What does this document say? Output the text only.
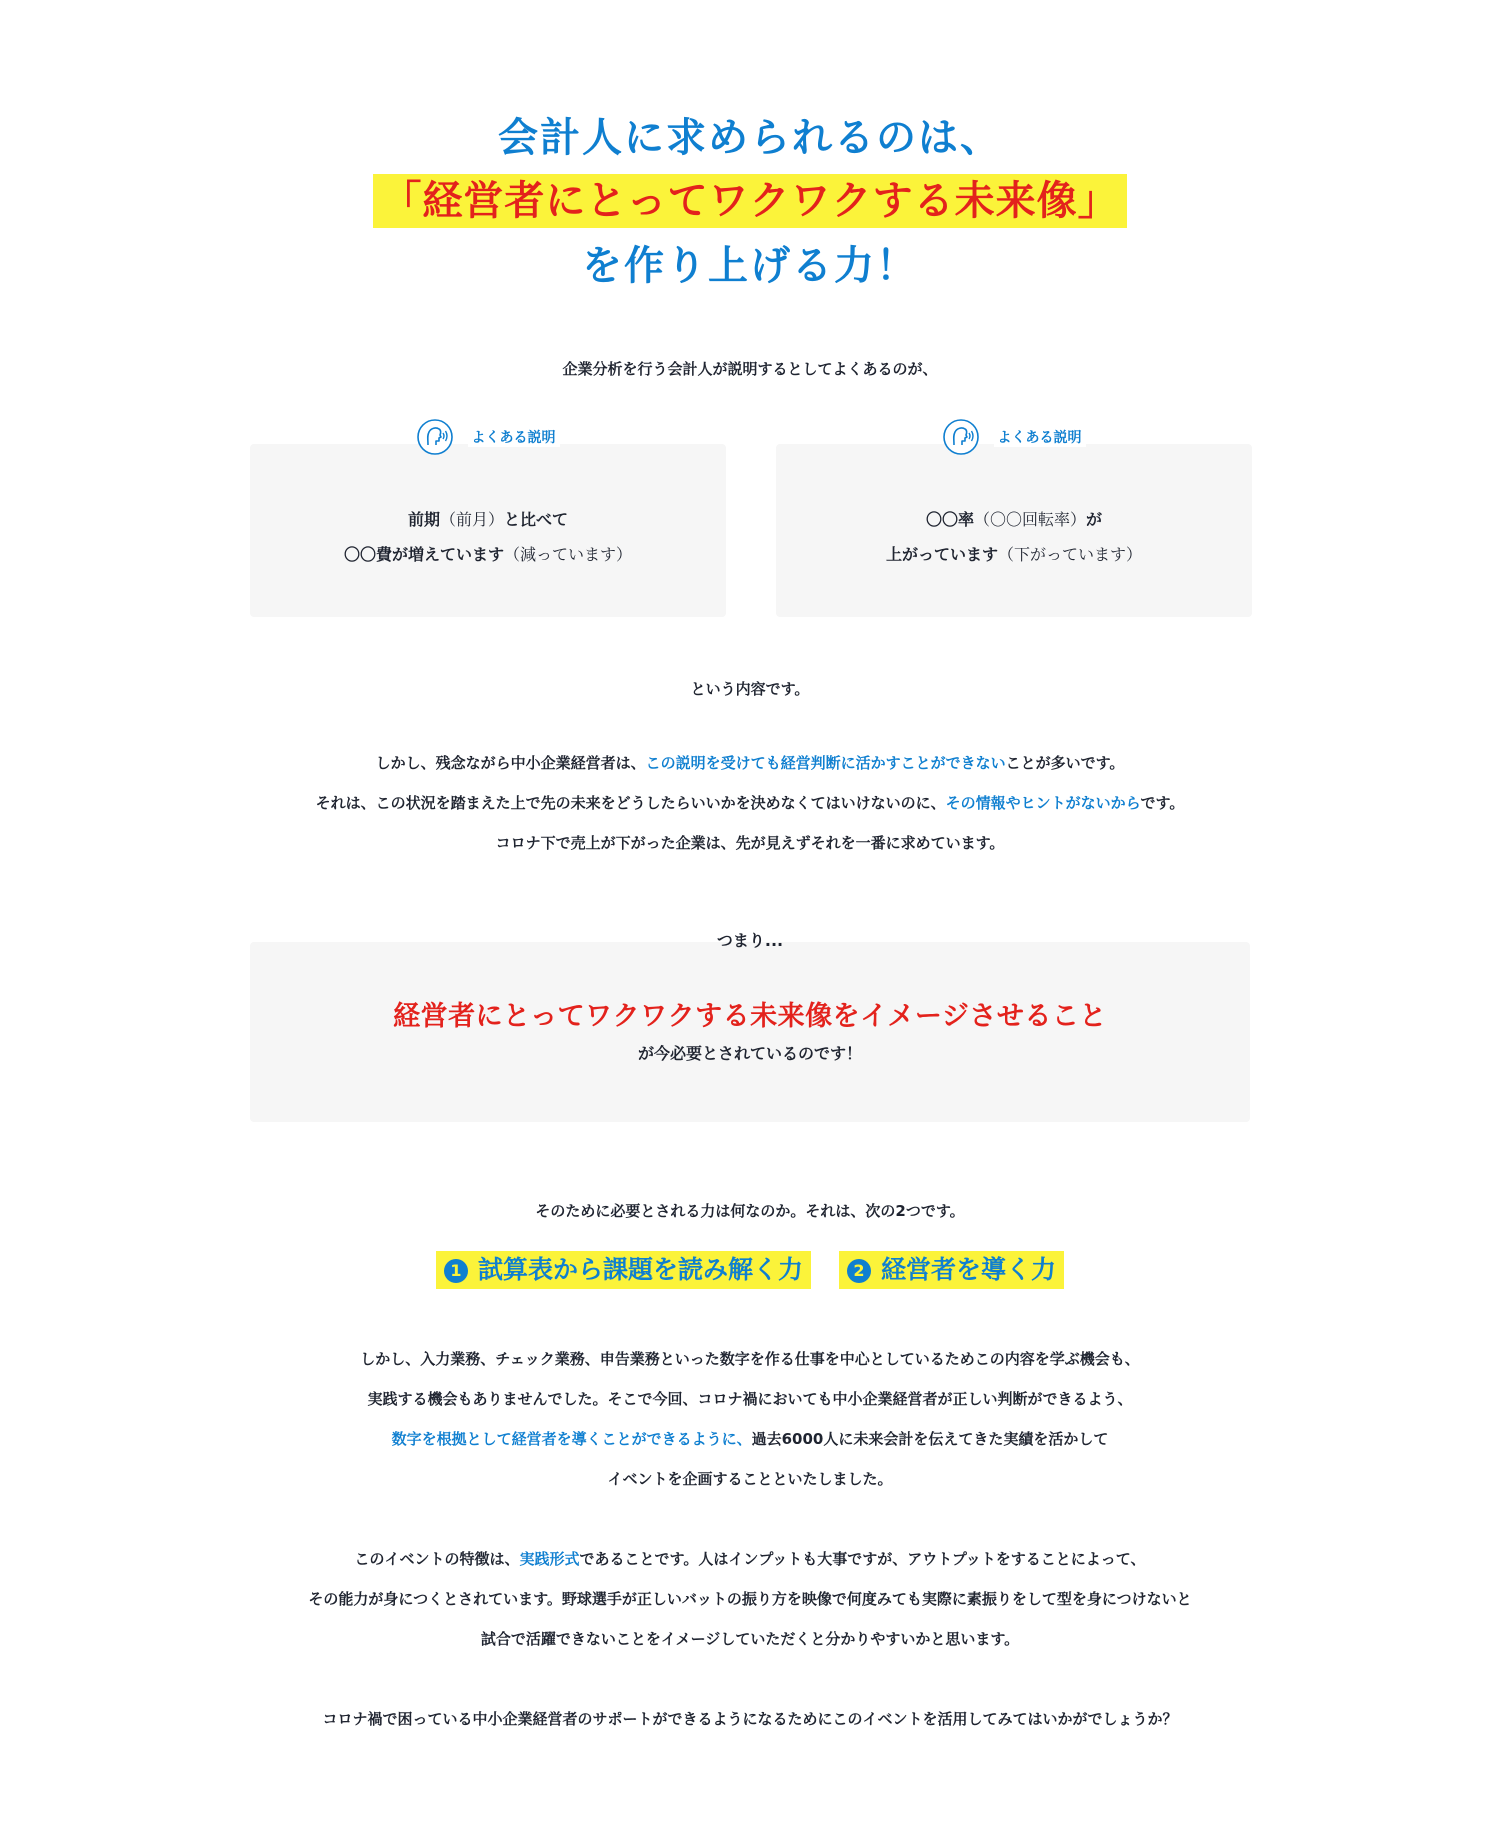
会計人に求められるのは、
「経営者にとってワクワクする未来像」
を作り上げる力！
企業分析を行う会計人が説明するとしてよくあるのが、
よくある説明
前期（前月）と比べて
〇〇費が増えています（減っています）
よくある説明
〇〇率（〇〇回転率）が
上がっています（下がっています）
という内容です。
しかし、残念ながら中小企業経営者は、この説明を受けても経営判断に活かすことができないことが多いです。
それは、この状況を踏まえた上で先の未来をどうしたらいいかを決めなくてはいけないのに、その情報やヒントがないからです。
コロナ下で売上が下がった企業は、先が見えずそれを一番に求めています。
経営者にとってワクワクする未来像をイメージさせること
が今必要とされているのです！
つまり...
そのために必要とされる力は何なのか。それは、次の2つです。
1 試算表から課題を読み解く力	2 経営者を導く力
しかし、入力業務、チェック業務、申告業務といった数字を作る仕事を中心としているためこの内容を学ぶ機会も、
実践する機会もありませんでした。そこで今回、コロナ禍においても中小企業経営者が正しい判断ができるよう、
数字を根拠として経営者を導くことができるように、過去6000人に未来会計を伝えてきた実績を活かして
イベントを企画することといたしました。
このイベントの特徴は、実践形式であることです。人はインプットも大事ですが、アウトプットをすることによって、
その能力が身につくとされています。野球選手が正しいバットの振り方を映像で何度みても実際に素振りをして型を身につけないと
試合で活躍できないことをイメージしていただくと分かりやすいかと思います。
コロナ禍で困っている中小企業経営者のサポートができるようになるためにこのイベントを活用してみてはいかがでしょうか？
